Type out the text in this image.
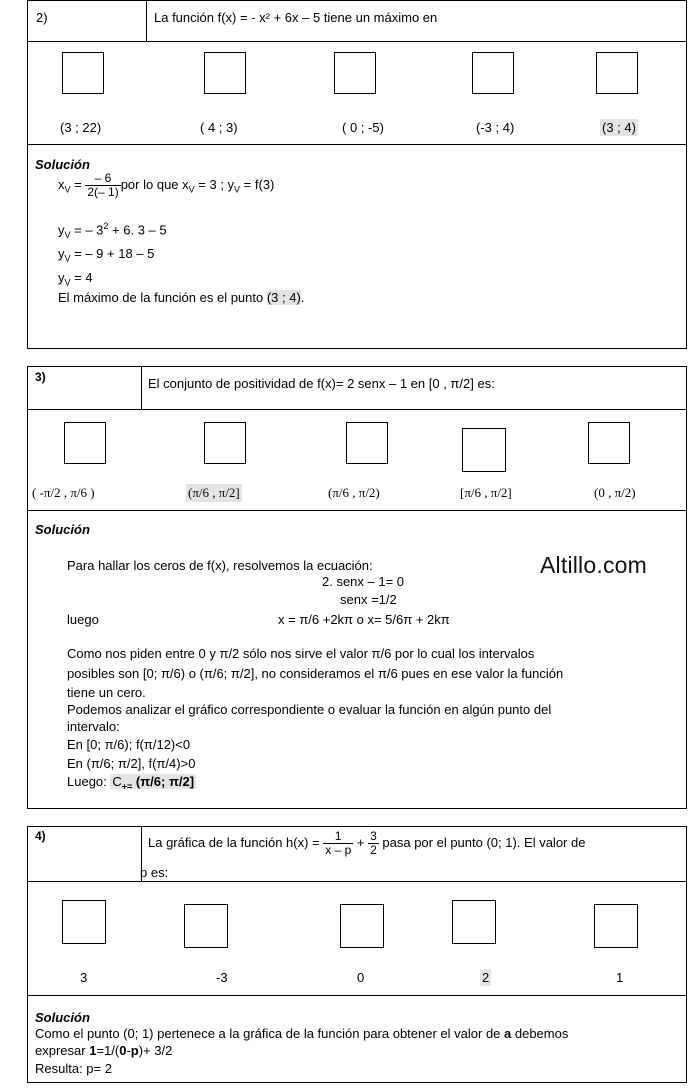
2)	La función f(x) = - x² + 6x – 5 tiene un máximo en
(3 ; 22)	( 4 ; 3)	( 0 ; -5)	(-3 ; 4)	(3 ; 4)
Solución
$x_V = \frac{- 6}{2(- 1)}$ por lo que $x_V = 3$ ; $y_V = f(3)$
$y_V$ = – $3^2 + 6$. 3 – 5
$y_V$ = – 9 + 18 – 5
$y_V = 4$
El máximo de la función es el punto (3 ; 4).
3)	El conjunto de positividad de f(x)= 2 senx – 1 en [0 , π/2] es:
( -π/2 , π/6 )	(π/6 , π/2]	(π/6 , π/2)	[π/6 , π/2]	(0 , π/2)
Solución
Altillo.com
Para hallar los ceros de f(x), resolvemos la ecuación:
2. senx – 1= 0
senx =1/2
luego	x = π/6 +2kπ o x= 5/6π + 2kπ
Como nos piden entre 0 y π/2 sólo nos sirve el valor π/6 por lo cual los intervalos
posibles son [0; π/6) o (π/6; π/2], no consideramos el π/6 pues en ese valor la función
tiene un cero.
Podemos analizar el gráfico correspondiente o evaluar la función en algún punto del
intervalo:
En [0; π/6); f(π/12)<0
En (π/6; π/2], f(π/4)>0
Luego: $C_{+=}$ (π/6; π/2]
4)	La gráfica de la función $h(x) = \frac{1}{x - p} + \frac{3}{2}$ pasa por el punto (0; 1). El valor de
p es:
3	-3	0	2	1
Solución
Como el punto (0; 1) pertenece a la gráfica de la función para obtener el valor de a debemos
expresar 1=1/(0-p)+ 3/2
Resulta: p= 2
